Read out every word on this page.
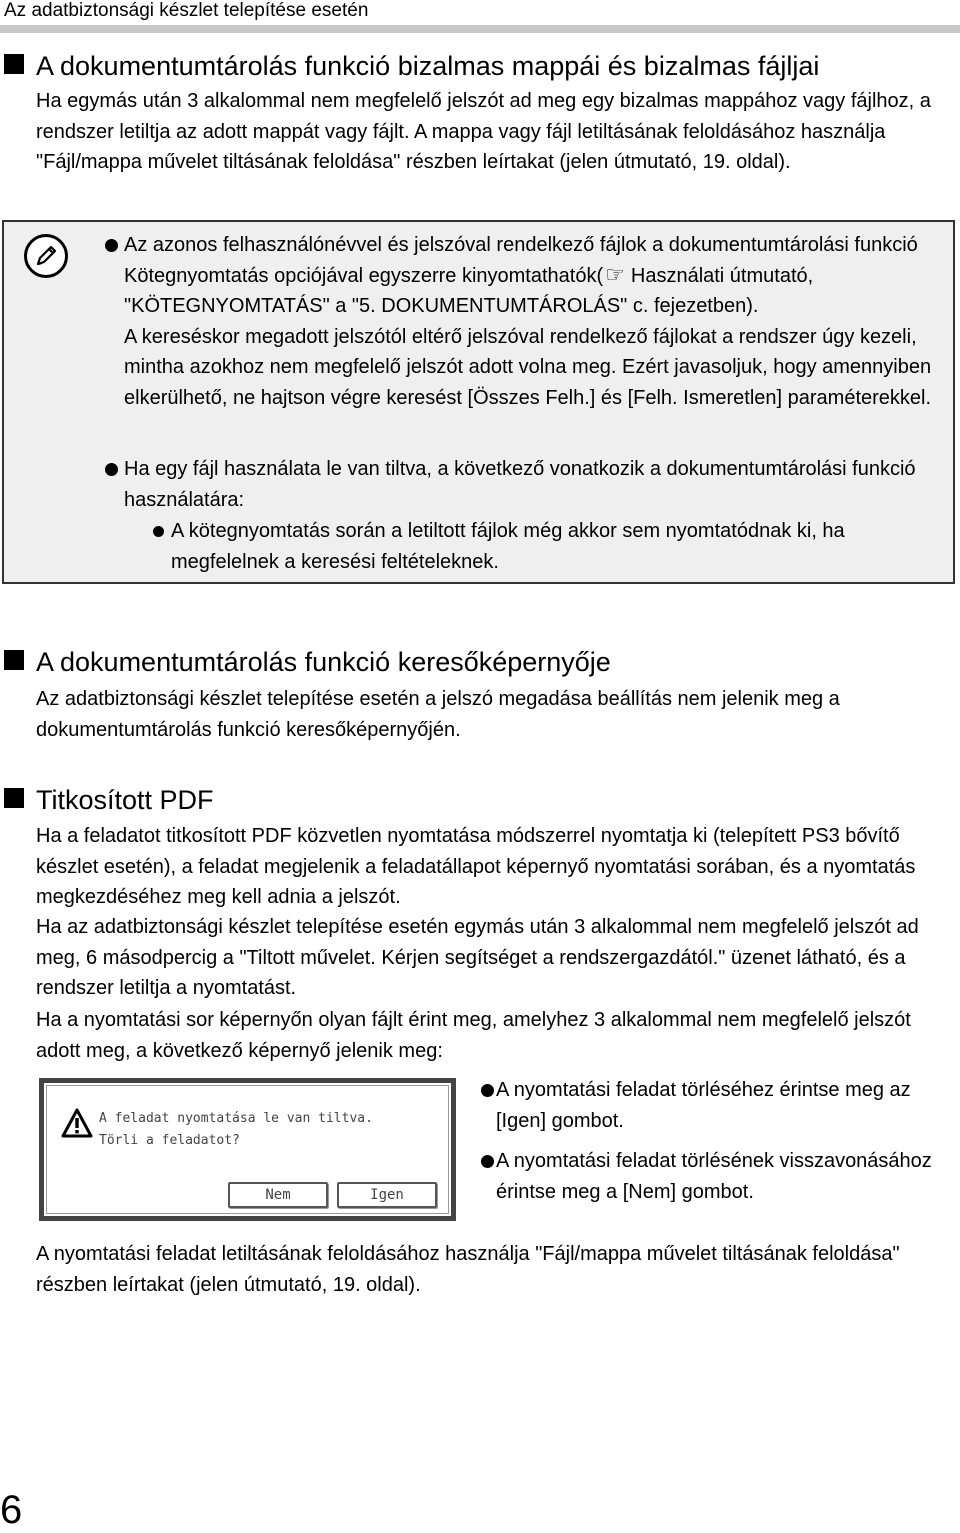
Az adatbiztonsági készlet telepítése esetén
A dokumentumtárolás funkció bizalmas mappái és bizalmas fájljai

Ha egymás után 3 alkalommal nem megfelelő jelszót ad meg egy bizalmas mappához vagy fájlhoz, a rendszer letiltja az adott mappát vagy fájlt. A mappa vagy fájl letiltásának feloldásához használja "Fájl/mappa művelet tiltásának feloldása" részben leírtakat (jelen útmutató, 19. oldal).

Az azonos felhasználónévvel és jelszóval rendelkező fájlok a dokumentumtárolási funkció Kötegnyomtatás opciójával egyszerre kinyomtathatók(☞ Használati útmutató, "KÖTEGNYOMTATÁS" a "5. DOKUMENTUMTÁROLÁS" c. fejezetben).
A kereséskor megadott jelszótól eltérő jelszóval rendelkező fájlokat a rendszer úgy kezeli, mintha azokhoz nem megfelelő jelszót adott volna meg. Ezért javasoljuk, hogy amennyiben elkerülhető, ne hajtson végre keresést [Összes Felh.] és [Felh. Ismeretlen] paraméterekkel.

Ha egy fájl használata le van tiltva, a következő vonatkozik a dokumentumtárolási funkció használatára:

A kötegnyomtatás során a letiltott fájlok még akkor sem nyomtatódnak ki, ha megfelelnek a keresési feltételeknek.

A dokumentumtárolás funkció keresőképernyője

Az adatbiztonsági készlet telepítése esetén a jelszó megadása beállítás nem jelenik meg a dokumentumtárolás funkció keresőképernyőjén.

Titkosított PDF

Ha a feladatot titkosított PDF közvetlen nyomtatása módszerrel nyomtatja ki (telepített PS3 bővítő készlet esetén), a feladat megjelenik a feladatállapot képernyő nyomtatási sorában, és a nyomtatás megkezdéséhez meg kell adnia a jelszót.

Ha az adatbiztonsági készlet telepítése esetén egymás után 3 alkalommal nem megfelelő jelszót ad meg, 6 másodpercig a "Tiltott művelet. Kérjen segítséget a rendszergazdától." üzenet látható, és a rendszer letiltja a nyomtatást.

Ha a nyomtatási sor képernyőn olyan fájlt érint meg, amelyhez 3 alkalommal nem megfelelő jelszót adott meg, a következő képernyő jelenik meg:

A feladat nyomtatása le van tiltva.
Törli a feladatot?
Nem	Igen

A nyomtatási feladat törléséhez érintse meg az [Igen] gombot.

A nyomtatási feladat törlésének visszavonásához érintse meg a [Nem] gombot.

A nyomtatási feladat letiltásának feloldásához használja "Fájl/mappa művelet tiltásának feloldása" részben leírtakat (jelen útmutató, 19. oldal).

6
